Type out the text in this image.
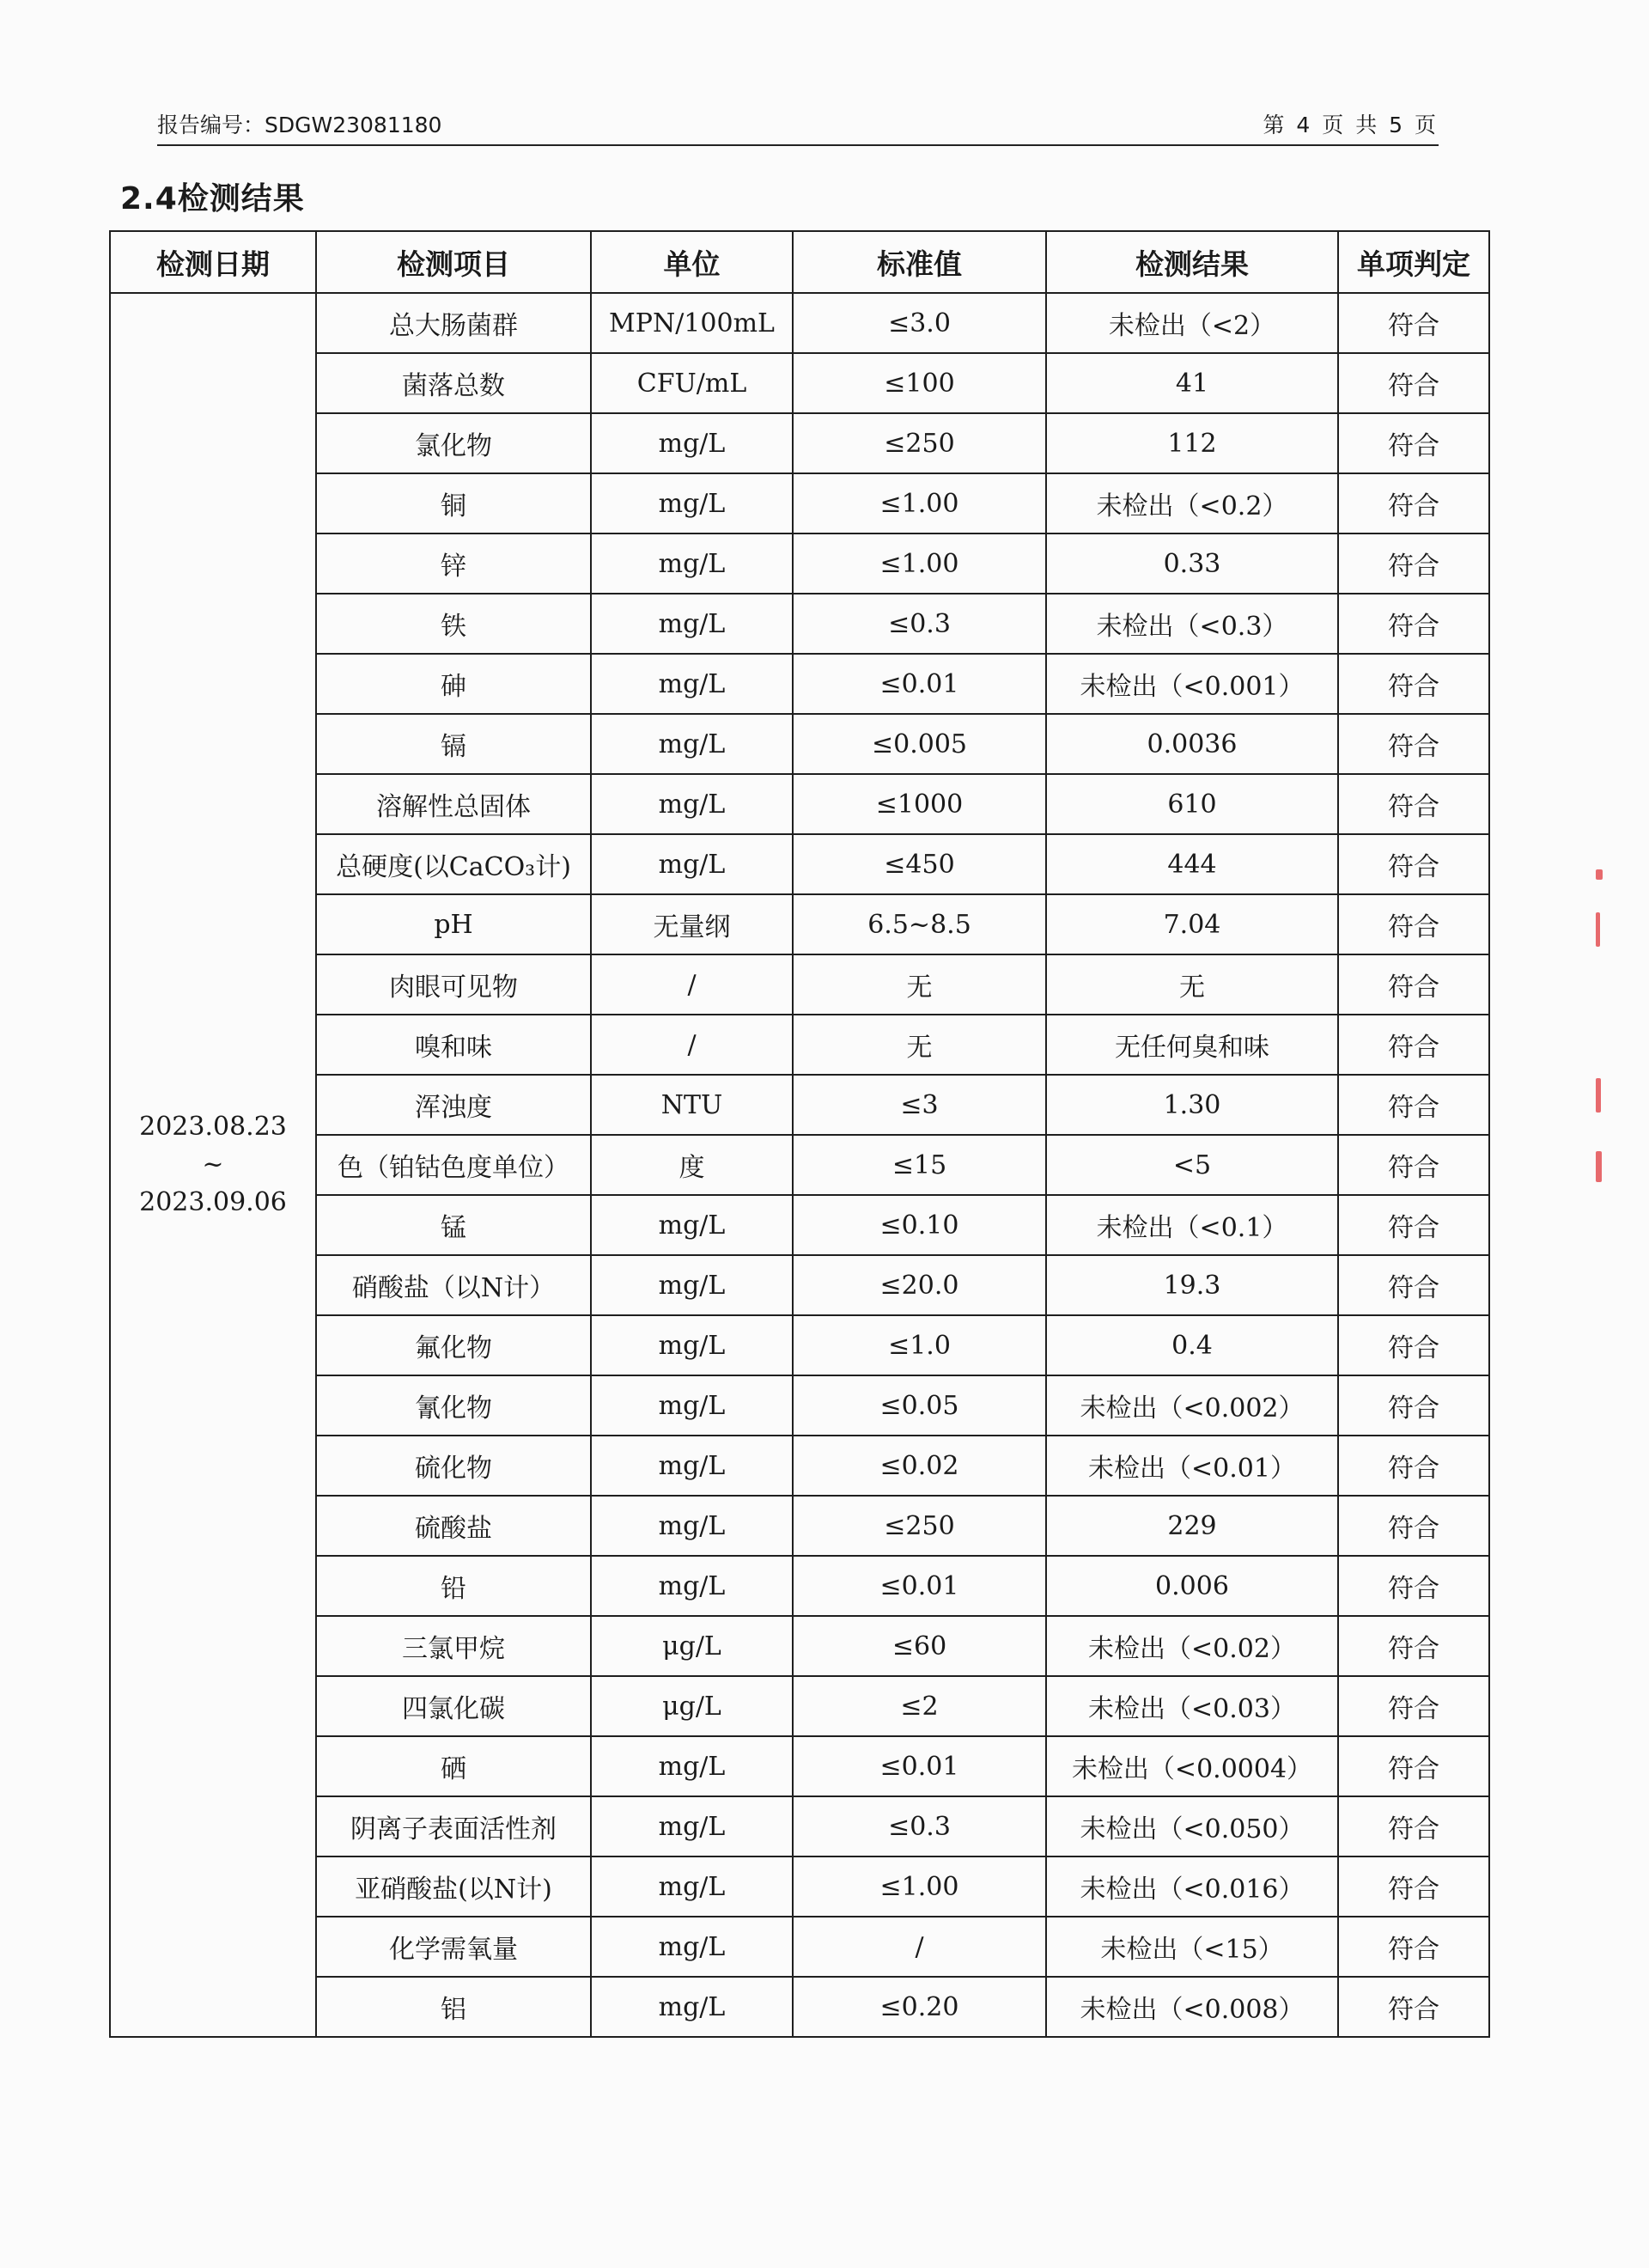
报告编号：SDGW23081180	第 4 页 共 5 页
2.4检测结果
检测日期	检测项目	单位	标准值	检测结果	单项判定

2023.08.23
~
2023.09.06	总大肠菌群	MPN/100mL	≤3.0	未检出（<2）	符合
	菌落总数	CFU/mL	≤100	41	符合
	氯化物	mg/L	≤250	112	符合
	铜	mg/L	≤1.00	未检出（<0.2）	符合
	锌	mg/L	≤1.00	0.33	符合
	铁	mg/L	≤0.3	未检出（<0.3）	符合
	砷	mg/L	≤0.01	未检出（<0.001）	符合
	镉	mg/L	≤0.005	0.0036	符合
	溶解性总固体	mg/L	≤1000	610	符合
	总硬度(以CaCO₃计)	mg/L	≤450	444	符合
	pH	无量纲	6.5~8.5	7.04	符合
	肉眼可见物	/	无	无	符合
	嗅和味	/	无	无任何臭和味	符合
	浑浊度	NTU	≤3	1.30	符合
	色（铂钴色度单位）	度	≤15	<5	符合
	锰	mg/L	≤0.10	未检出（<0.1）	符合
	硝酸盐（以N计）	mg/L	≤20.0	19.3	符合
	氟化物	mg/L	≤1.0	0.4	符合
	氰化物	mg/L	≤0.05	未检出（<0.002）	符合
	硫化物	mg/L	≤0.02	未检出（<0.01）	符合
	硫酸盐	mg/L	≤250	229	符合
	铅	mg/L	≤0.01	0.006	符合
	三氯甲烷	μg/L	≤60	未检出（<0.02）	符合
	四氯化碳	μg/L	≤2	未检出（<0.03）	符合
	硒	mg/L	≤0.01	未检出（<0.0004）	符合
	阴离子表面活性剂	mg/L	≤0.3	未检出（<0.050）	符合
	亚硝酸盐(以N计)	mg/L	≤1.00	未检出（<0.016）	符合
	化学需氧量	mg/L	/	未检出（<15）	符合
	铝	mg/L	≤0.20	未检出（<0.008）	符合
